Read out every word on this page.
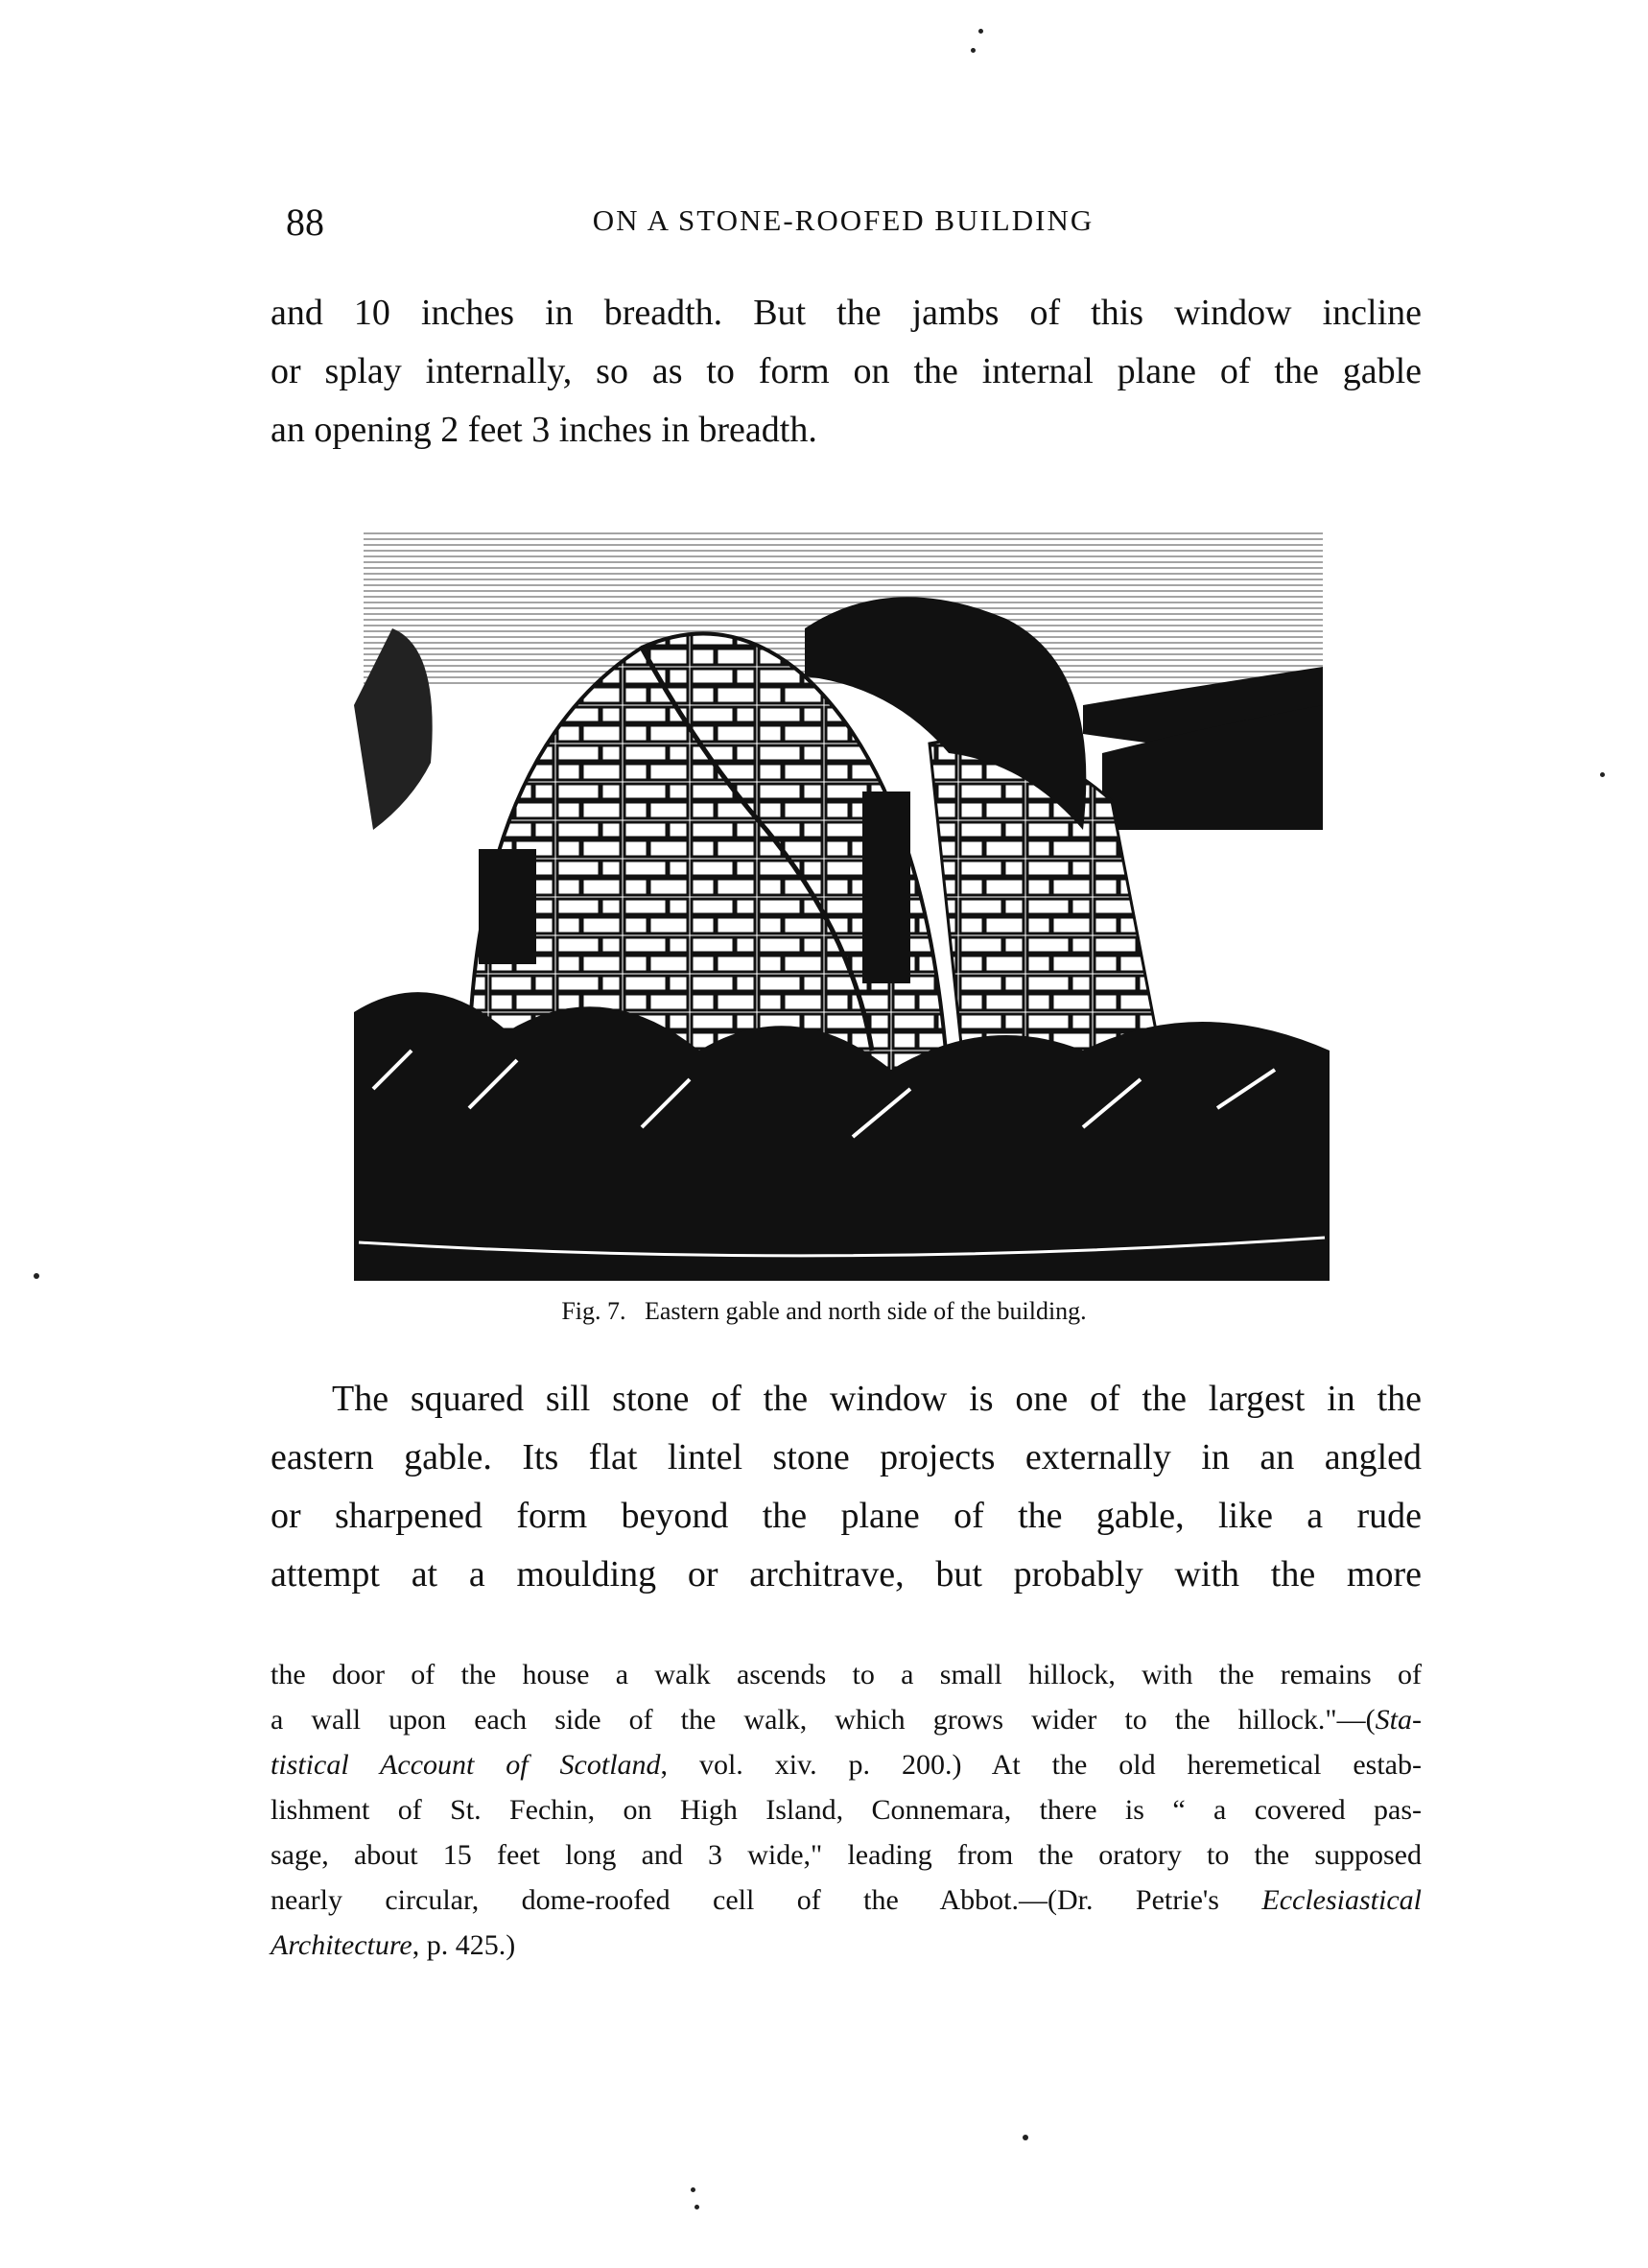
88	ON A STONE-ROOFED BUILDING
and 10 inches in breadth. But the jambs of this window incline
or splay internally, so as to form on the internal plane of the gable
an opening 2 feet 3 inches in breadth.
Fig. 7. Eastern gable and north side of the building.
The squared sill stone of the window is one of the largest in the
eastern gable. Its flat lintel stone projects externally in an angled
or sharpened form beyond the plane of the gable, like a rude
attempt at a moulding or architrave, but probably with the more
the door of the house a walk ascends to a small hillock, with the remains of
a wall upon each side of the walk, which grows wider to the hillock."—(Sta-
tistical Account of Scotland, vol. xiv. p. 200.) At the old heremetical estab-
lishment of St. Fechin, on High Island, Connemara, there is “ a covered pas-
sage, about 15 feet long and 3 wide," leading from the oratory to the supposed
nearly circular, dome-roofed cell of the Abbot.—(Dr. Petrie's Ecclesiastical
Architecture, p. 425.)
